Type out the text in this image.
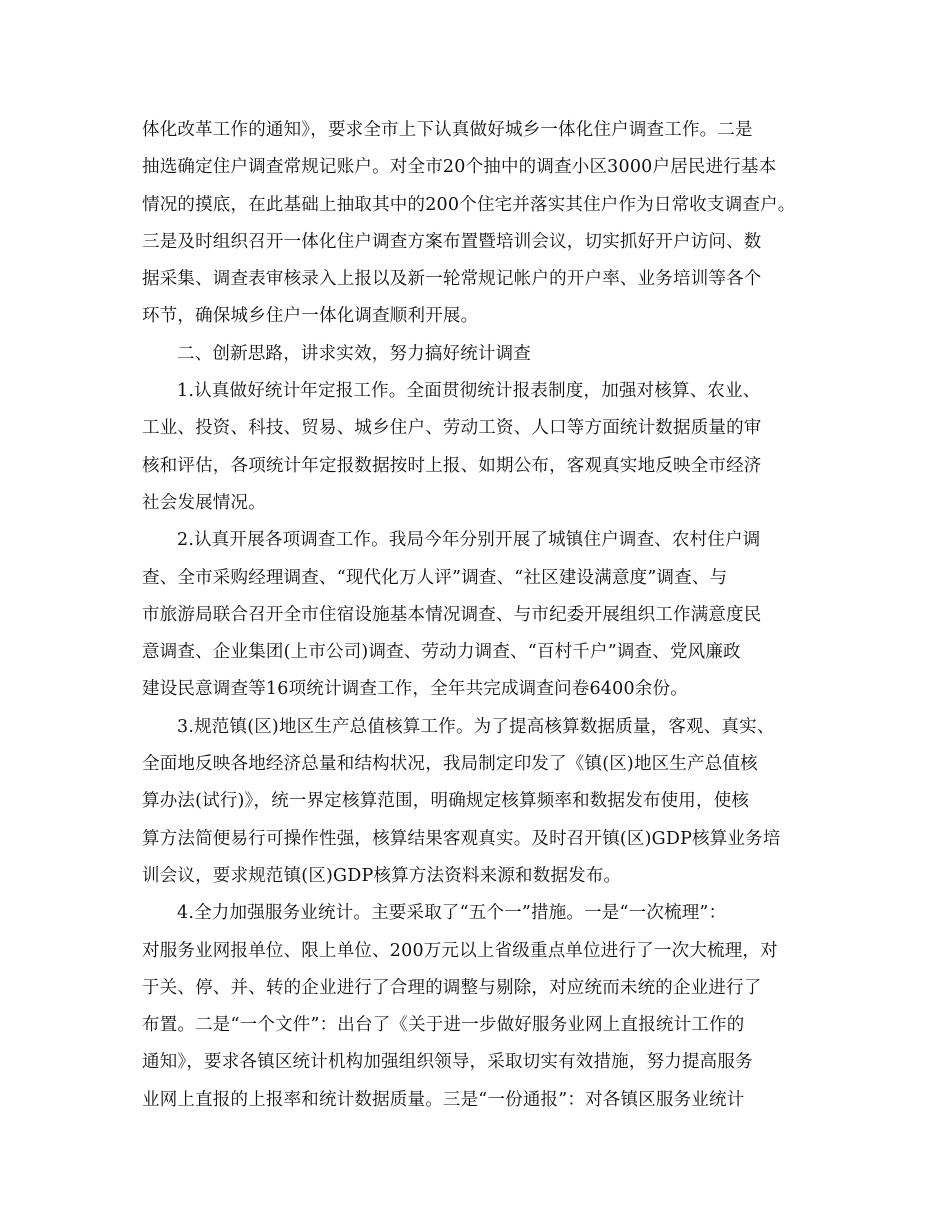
体化改革工作的通知》，要求全市上下认真做好城乡一体化住户调查工作。二是
抽选确定住户调查常规记账户。对全市20个抽中的调查小区3000户居民进行基本
情况的摸底，在此基础上抽取其中的200个住宅并落实其住户作为日常收支调查户。
三是及时组织召开一体化住户调查方案布置暨培训会议，切实抓好开户访问、数
据采集、调查表审核录入上报以及新一轮常规记帐户的开户率、业务培训等各个
环节，确保城乡住户一体化调查顺利开展。
二、创新思路，讲求实效，努力搞好统计调查
1.认真做好统计年定报工作。全面贯彻统计报表制度，加强对核算、农业、
工业、投资、科技、贸易、城乡住户、劳动工资、人口等方面统计数据质量的审
核和评估，各项统计年定报数据按时上报、如期公布，客观真实地反映全市经济
社会发展情况。
2.认真开展各项调查工作。我局今年分别开展了城镇住户调查、农村住户调
查、全市采购经理调查、“现代化万人评”调查、“社区建设满意度”调查、与
市旅游局联合召开全市住宿设施基本情况调查、与市纪委开展组织工作满意度民
意调查、企业集团(上市公司)调查、劳动力调查、“百村千户”调查、党风廉政
建设民意调查等16项统计调查工作，全年共完成调查问卷6400余份。
3.规范镇(区)地区生产总值核算工作。为了提高核算数据质量，客观、真实、
全面地反映各地经济总量和结构状况，我局制定印发了《镇(区)地区生产总值核
算办法(试行)》，统一界定核算范围，明确规定核算频率和数据发布使用，使核
算方法简便易行可操作性强，核算结果客观真实。及时召开镇(区)GDP核算业务培
训会议，要求规范镇(区)GDP核算方法资料来源和数据发布。
4.全力加强服务业统计。主要采取了“五个一”措施。一是“一次梳理”：
对服务业网报单位、限上单位、200万元以上省级重点单位进行了一次大梳理，对
于关、停、并、转的企业进行了合理的调整与剔除，对应统而未统的企业进行了
布置。二是“一个文件”：出台了《关于进一步做好服务业网上直报统计工作的
通知》，要求各镇区统计机构加强组织领导，采取切实有效措施，努力提高服务
业网上直报的上报率和统计数据质量。三是“一份通报”：对各镇区服务业统计
